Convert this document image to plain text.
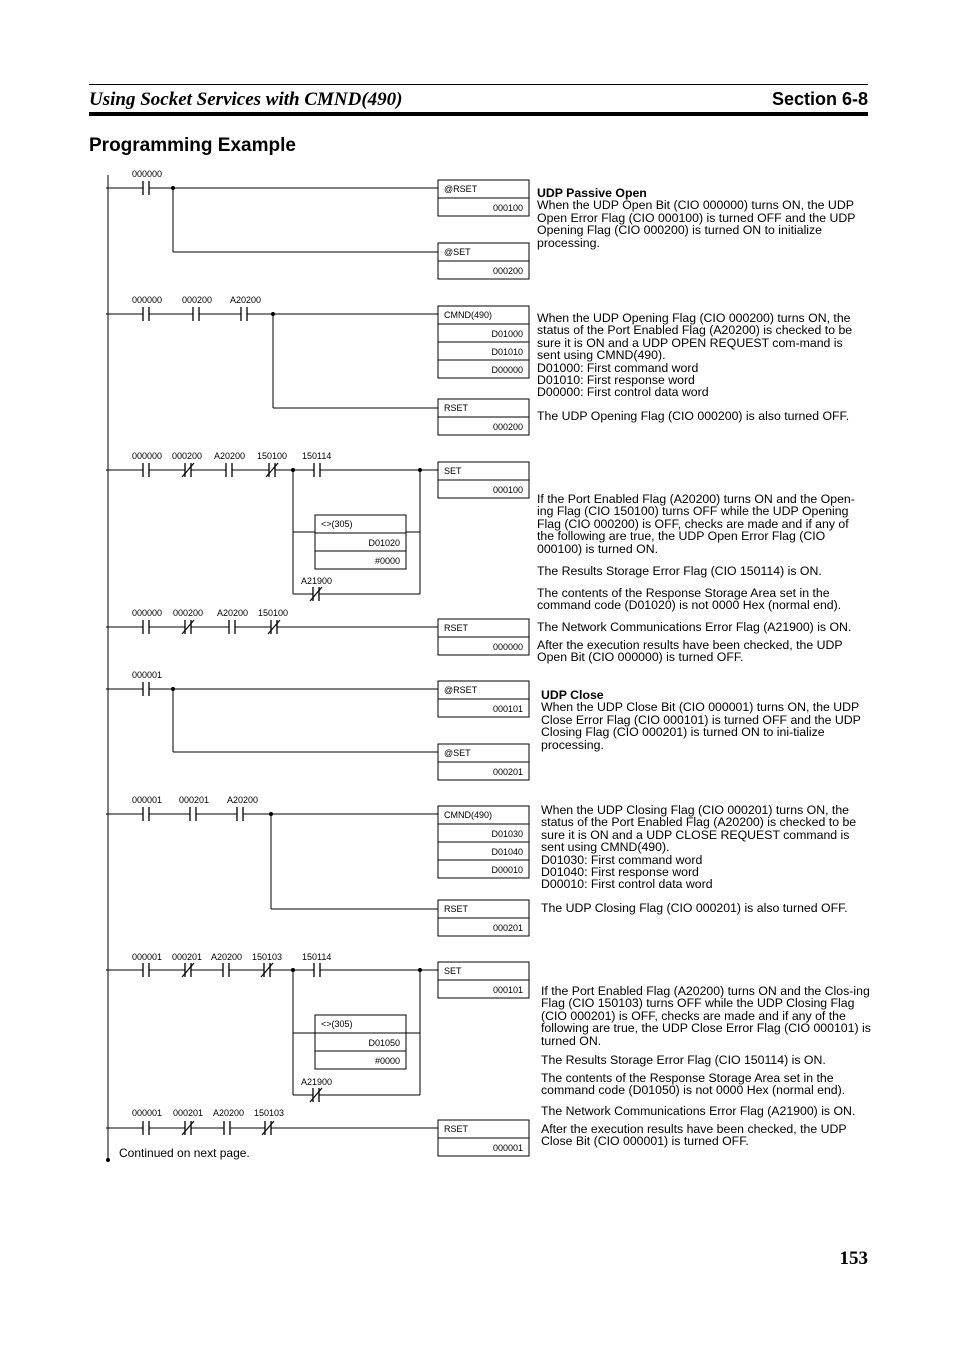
Using Socket Services with CMND(490)	Section 6-8
Programming Example
000000
@RSET
000100
@SET
000200
000000 000200 A20200
CMND(490)
D01000
D01010
D00000
RSET
000200
000000 000200 A20200 150100 150114
SET
000100
<>(305)
D01020
#0000
A21900
000000 000200 A20200 150100
RSET
000000
000001
@RSET
000101
@SET
000201
000001 000201 A20200
CMND(490)
D01030
D01040
D00010
RSET
000201
000001 000201 A20200 150103 150114
SET
000101
<>(305)
D01050
#0000
A21900
000001 000201 A20200 150103
RSET
000001

UDP Passive Open

When the UDP Open Bit (CIO 000000) turns ON, the UDP Open Error Flag (CIO 000100) is turned OFF and the UDP Opening Flag (CIO 000200) is turned ON to initialize processing.

When the UDP Opening Flag (CIO 000200) turns ON, the status of the Port Enabled Flag (A20200) is checked to be sure it is ON and a UDP OPEN REQUEST com-mand is sent using CMND(490).

D01000: First command word

D01010: First response word

D00000: First control data word

The UDP Opening Flag (CIO 000200) is also turned OFF.

If the Port Enabled Flag (A20200) turns ON and the Open-ing Flag (CIO 150100) turns OFF while the UDP Opening Flag (CIO 000200) is OFF, checks are made and if any of the following are true, the UDP Open Error Flag (CIO 000100) is turned ON.

The Results Storage Error Flag (CIO 150114) is ON.

The contents of the Response Storage Area set in the command code (D01020) is not 0000 Hex (normal end).

The Network Communications Error Flag (A21900) is ON.

After the execution results have been checked, the UDP Open Bit (CIO 000000) is turned OFF.

UDP Close

When the UDP Close Bit (CIO 000001) turns ON, the UDP Close Error Flag (CIO 000101) is turned OFF and the UDP Closing Flag (CIO 000201) is turned ON to ini-tialize processing.

When the UDP Closing Flag (CIO 000201) turns ON, the status of the Port Enabled Flag (A20200) is checked to be sure it is ON and a UDP CLOSE REQUEST command is sent using CMND(490).

D01030: First command word

D01040: First response word

D00010: First control data word

The UDP Closing Flag (CIO 000201) is also turned OFF.

If the Port Enabled Flag (A20200) turns ON and the Clos-ing Flag (CIO 150103) turns OFF while the UDP Closing Flag (CIO 000201) is OFF, checks are made and if any of the following are true, the UDP Close Error Flag (CIO 000101) is turned ON.

The Results Storage Error Flag (CIO 150114) is ON.

The contents of the Response Storage Area set in the command code (D01050) is not 0000 Hex (normal end).

The Network Communications Error Flag (A21900) is ON.

After the execution results have been checked, the UDP Close Bit (CIO 000001) is turned OFF.

Continued on next page.
153
